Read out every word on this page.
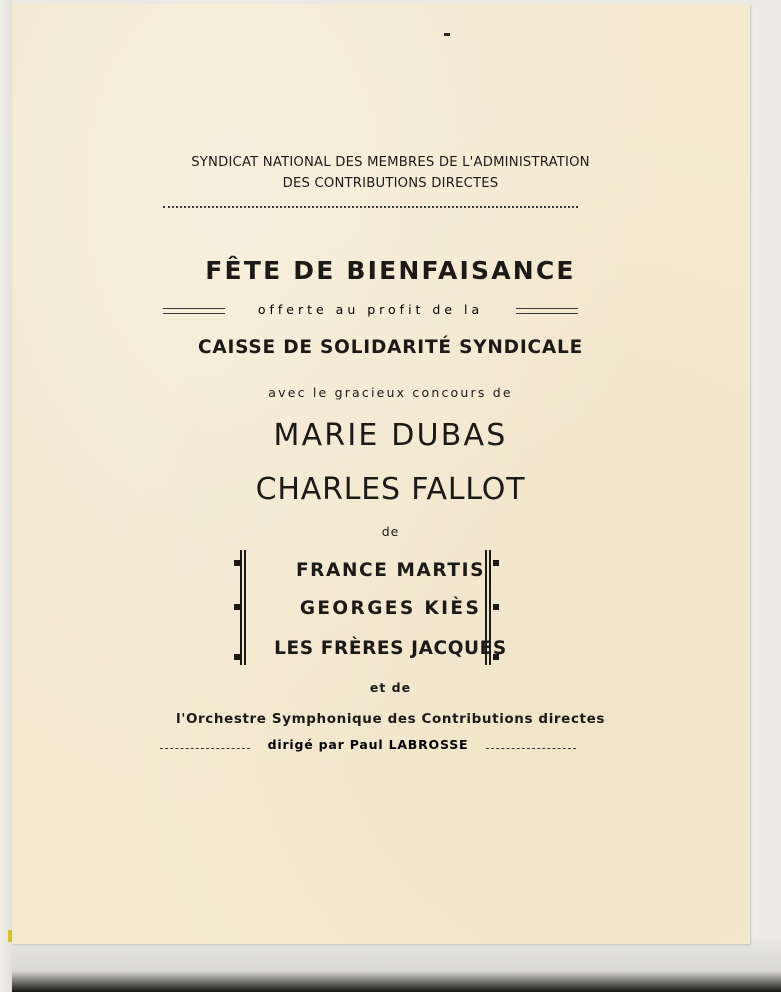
SYNDICAT NATIONAL DES MEMBRES DE L'ADMINISTRATION
DES CONTRIBUTIONS DIRECTES
FÊTE DE BIENFAISANCE
offerte au profit de la
CAISSE DE SOLIDARITÉ SYNDICALE
avec le gracieux concours de
MARIE DUBAS
CHARLES FALLOT
de
FRANCE MARTIS
GEORGES KIÈS
LES FRÈRES JACQUES
et de
l'Orchestre Symphonique des Contributions directes
dirigé par Paul LABROSSE
